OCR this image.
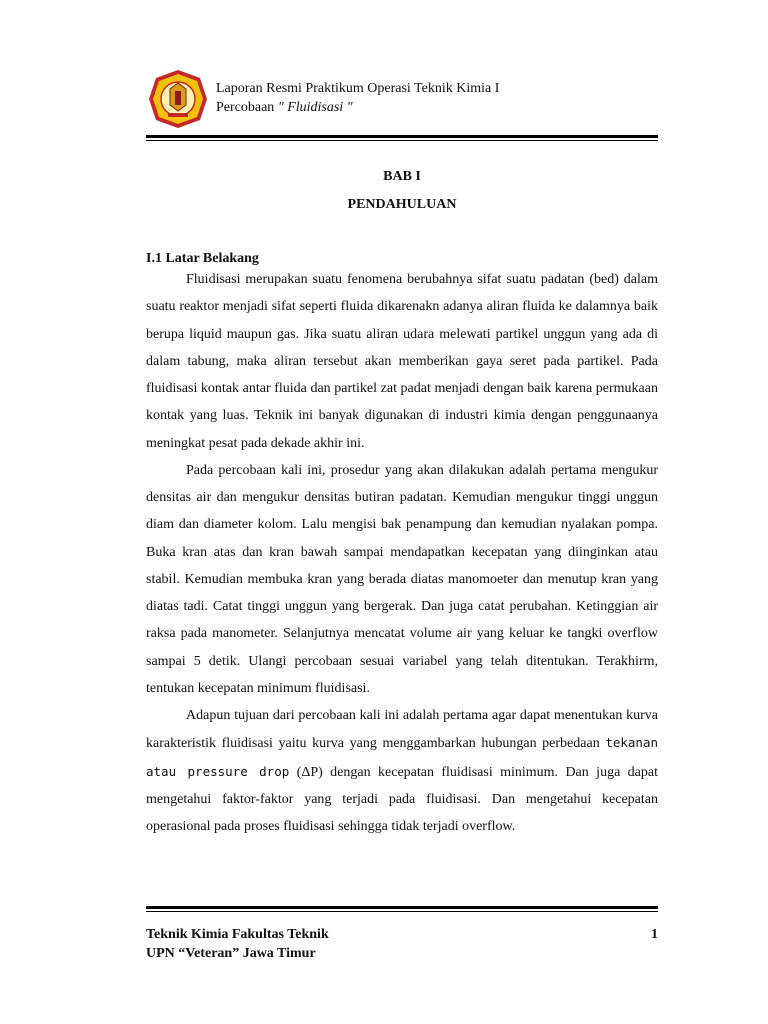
Laporan Resmi Praktikum Operasi Teknik Kimia I
Percobaan " Fluidisasi "
BAB I
PENDAHULUAN
I.1 Latar Belakang

Fluidisasi merupakan suatu fenomena berubahnya sifat suatu padatan (bed) dalam suatu reaktor menjadi sifat seperti fluida dikarenakn adanya aliran fluida ke dalamnya baik berupa liquid maupun gas. Jika suatu aliran udara melewati partikel unggun yang ada di dalam tabung, maka aliran tersebut akan memberikan gaya seret pada partikel. Pada fluidisasi kontak antar fluida dan partikel zat padat menjadi dengan baik karena permukaan kontak yang luas. Teknik ini banyak digunakan di industri kimia dengan penggunaanya meningkat pesat pada dekade akhir ini.

Pada percobaan kali ini, prosedur yang akan dilakukan adalah pertama mengukur densitas air dan mengukur densitas butiran padatan. Kemudian mengukur tinggi unggun diam dan diameter kolom. Lalu mengisi bak penampung dan kemudian nyalakan pompa. Buka kran atas dan kran bawah sampai mendapatkan kecepatan yang diinginkan atau stabil. Kemudian membuka kran yang berada diatas manomoeter dan menutup kran yang diatas tadi. Catat tinggi unggun yang bergerak. Dan juga catat perubahan. Ketinggian air raksa pada manometer. Selanjutnya mencatat volume air yang keluar ke tangki overflow sampai 5 detik. Ulangi percobaan sesuai variabel yang telah ditentukan. Terakhirm, tentukan kecepatan minimum fluidisasi.

Adapun tujuan dari percobaan kali ini adalah pertama agar dapat menentukan kurva karakteristik fluidisasi yaitu kurva yang menggambarkan hubungan perbedaan tekanan atau pressure drop (ΔP) dengan kecepatan fluidisasi minimum. Dan juga dapat mengetahui faktor-faktor yang terjadi pada fluidisasi. Dan mengetahui kecepatan operasional pada proses fluidisasi sehingga tidak terjadi overflow.

Teknik Kimia Fakultas Teknik
UPN “Veteran” Jawa Timur
1
